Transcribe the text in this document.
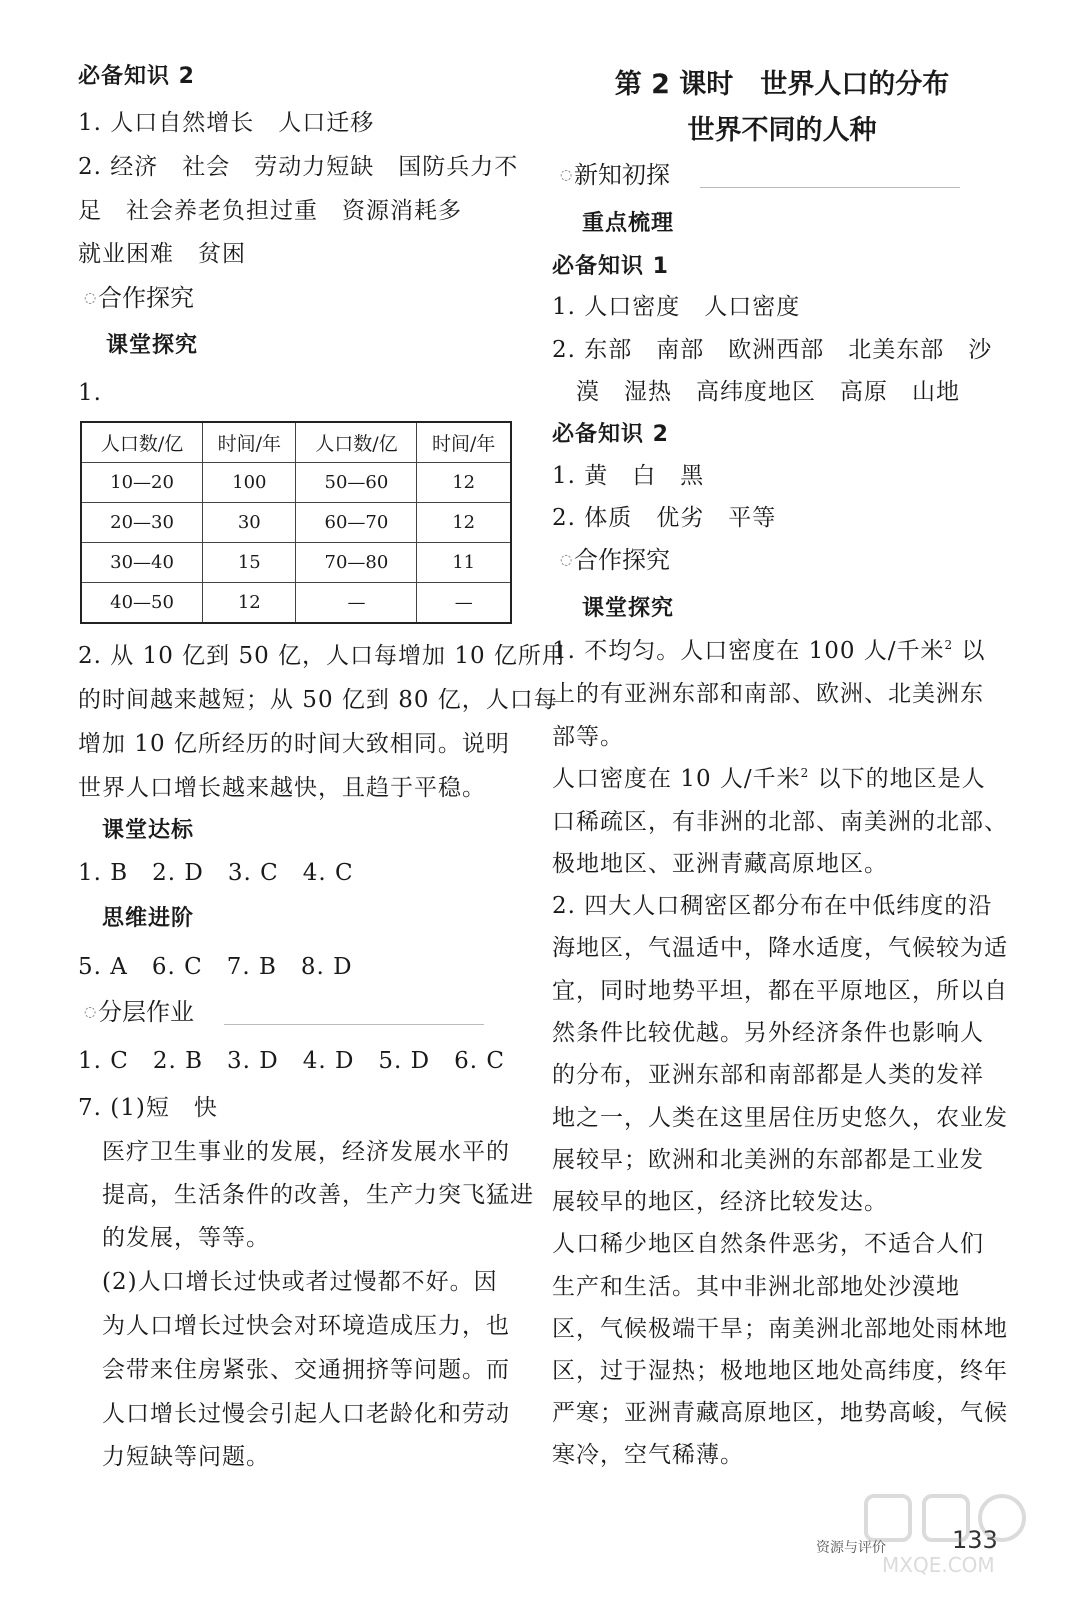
必备知识 2
1. 人口自然增长　人口迁移
2. 经济　社会　劳动力短缺　国防兵力不
足　社会养老负担过重　资源消耗多
就业困难　贫困
◌合作探究
课堂探究
1.
人口数/亿	时间/年	人口数/亿	时间/年
10—20	100	50—60	12
20—30	30	60—70	12
30—40	15	70—80	11
40—50	12	—	—
2. 从 10 亿到 50 亿，人口每增加 10 亿所用
的时间越来越短；从 50 亿到 80 亿，人口每
增加 10 亿所经历的时间大致相同。说明
世界人口增长越来越快，且趋于平稳。
课堂达标
1. B　2. D　3. C　4. C
思维进阶
5. A　6. C　7. B　8. D
◌分层作业
1. C　2. B　3. D　4. D　5. D　6. C
7. (1)短　快
医疗卫生事业的发展，经济发展水平的
提高，生活条件的改善，生产力突飞猛进
的发展，等等。
(2)人口增长过快或者过慢都不好。因
为人口增长过快会对环境造成压力，也
会带来住房紧张、交通拥挤等问题。而
人口增长过慢会引起人口老龄化和劳动
力短缺等问题。
第 2 课时　世界人口的分布
世界不同的人种
◌新知初探
重点梳理
必备知识 1
1. 人口密度　人口密度
2. 东部　南部　欧洲西部　北美东部　沙
漠　湿热　高纬度地区　高原　山地
必备知识 2
1. 黄　白　黑
2. 体质　优劣　平等
◌合作探究
课堂探究
1. 不均匀。人口密度在 100 人/千米$^2$ 以
上的有亚洲东部和南部、欧洲、北美洲东
部等。
人口密度在 10 人/千米$^2$ 以下的地区是人
口稀疏区，有非洲的北部、南美洲的北部、
极地地区、亚洲青藏高原地区。
2. 四大人口稠密区都分布在中低纬度的沿
海地区，气温适中，降水适度，气候较为适
宜，同时地势平坦，都在平原地区，所以自
然条件比较优越。另外经济条件也影响人
的分布，亚洲东部和南部都是人类的发祥
地之一，人类在这里居住历史悠久，农业发
展较早；欧洲和北美洲的东部都是工业发
展较早的地区，经济比较发达。
人口稀少地区自然条件恶劣，不适合人们
生产和生活。其中非洲北部地处沙漠地
区，气候极端干旱；南美洲北部地处雨林地
区，过于湿热；极地地区地处高纬度，终年
严寒；亚洲青藏高原地区，地势高峻，气候
寒冷，空气稀薄。
资源与评价	133
MXQE.COM
